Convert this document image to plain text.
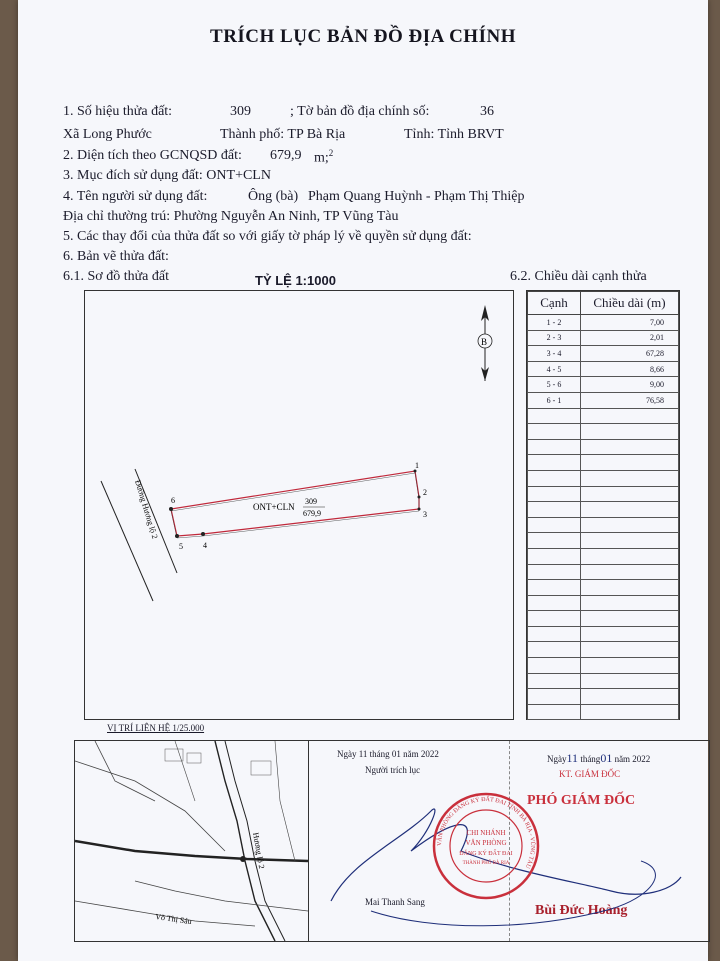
TRÍCH LỤC BẢN ĐỒ ĐỊA CHÍNH
1. Số hiệu thửa đất:	309	; Tờ bản đồ địa chính số:	36
Xã Long Phước	Thành phố: TP Bà Rịa	Tỉnh: Tỉnh BRVT
2. Diện tích theo GCNQSD đất: 679,9 m;$^2$
3. Mục đích sử dụng đất: ONT+CLN
4. Tên người sử dụng đất:	Ông (bà) Phạm Quang Huỳnh - Phạm Thị Thiệp
Địa chỉ thường trú: Phường Nguyễn An Ninh, TP Vũng Tàu
5. Các thay đổi của thửa đất so với giấy tờ pháp lý về quyền sử dụng đất:
6. Bản vẽ thửa đất:
6.1. Sơ đồ thửa đất	TỶ LỆ 1:1000	6.2. Chiều dài cạnh thửa
Đường Hương lộ 2
1
2
3
4
5
6
ONT+CLN
309
679,9
B
Cạnh	Chiều dài (m)
1 - 2	7,00
2 - 3	2,01
3 - 4	67,28
4 - 5	8,66
5 - 6	9,00
6 - 1	76,58

VỊ TRÍ LIÊN HỆ 1/25.000
Hương lộ 2
Võ Thị Sáu
Ngày 11 tháng 01 năm 2022
Người trích lục
Mai Thanh Sang
Ngày11 tháng01 năm 2022
KT. GIÁM ĐỐC
PHÓ GIÁM ĐỐC
Bùi Đức Hoàng
CHI NHÁNH
VĂN PHÒNG
ĐĂNG KÝ ĐẤT ĐAI
THÀNH PHỐ BÀ RỊA
VĂN PHÒNG ĐĂNG KÝ ĐẤT ĐAI TỈNH BÀ RỊA - VŨNG TÀU
